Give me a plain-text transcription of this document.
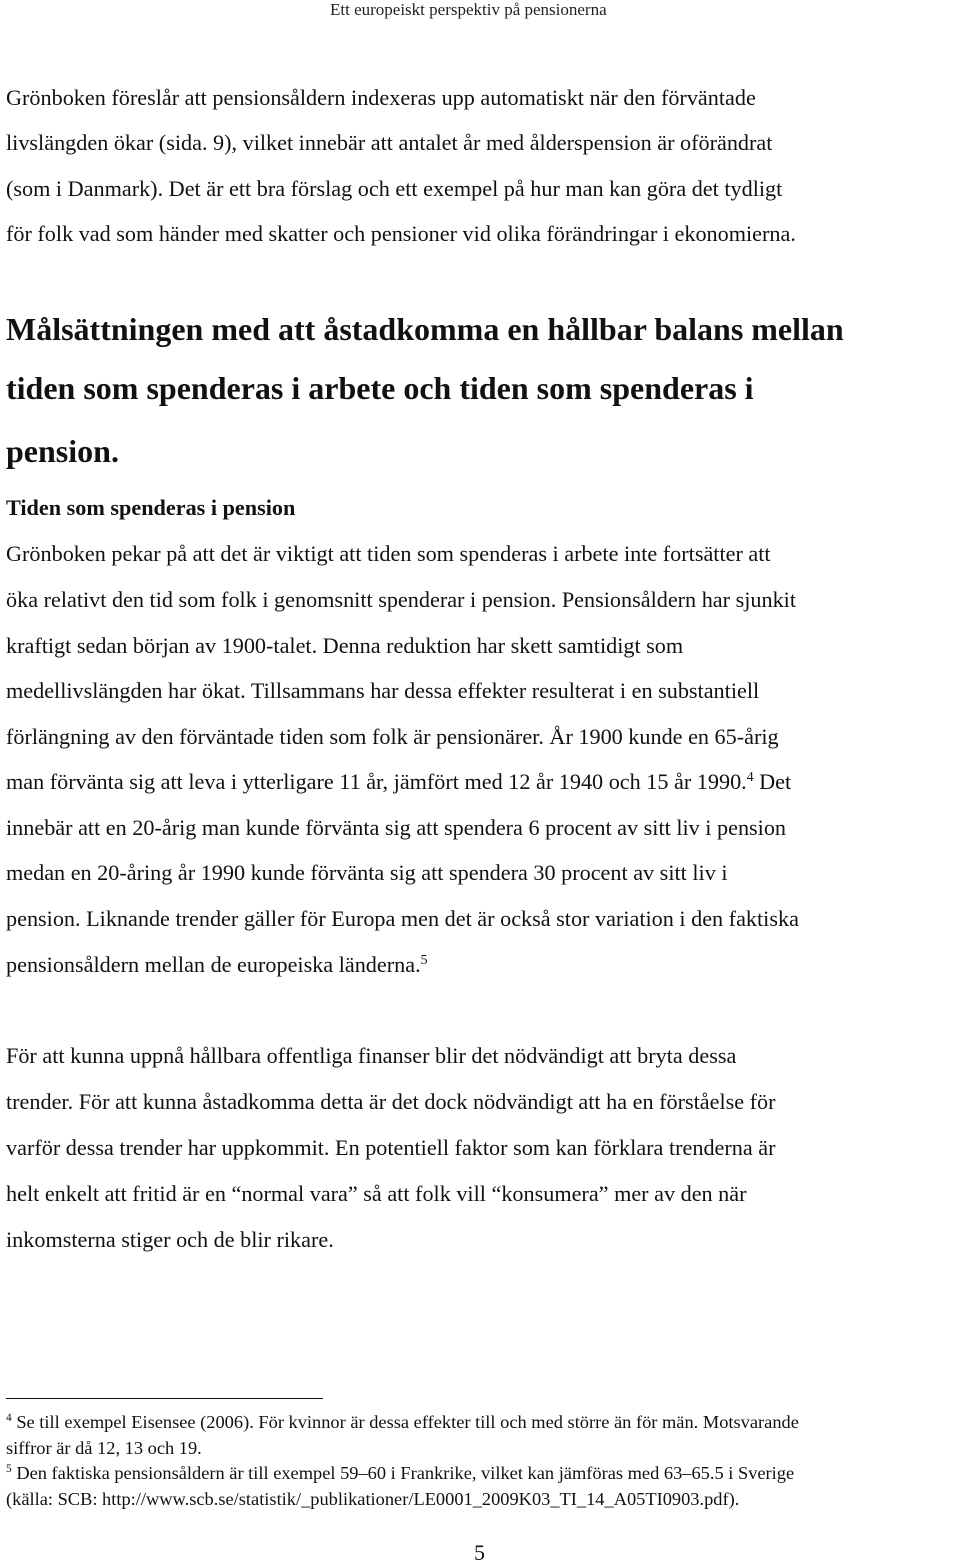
Ett europeiskt perspektiv på pensionerna
Grönboken föreslår att pensionsåldern indexeras upp automatiskt när den förväntade
livslängden ökar (sida. 9), vilket innebär att antalet år med ålderspension är oförändrat
(som i Danmark). Det är ett bra förslag och ett exempel på hur man kan göra det tydligt
för folk vad som händer med skatter och pensioner vid olika förändringar i ekonomierna.
Målsättningen med att åstadkomma en hållbar balans mellan
tiden som spenderas i arbete och tiden som spenderas i
pension.
Tiden som spenderas i pension
Grönboken pekar på att det är viktigt att tiden som spenderas i arbete inte fortsätter att
öka relativt den tid som folk i genomsnitt spenderar i pension. Pensionsåldern har sjunkit
kraftigt sedan början av 1900-talet. Denna reduktion har skett samtidigt som
medellivslängden har ökat. Tillsammans har dessa effekter resulterat i en substantiell
förlängning av den förväntade tiden som folk är pensionärer. År 1900 kunde en 65-årig
man förvänta sig att leva i ytterligare 11 år, jämfört med 12 år 1940 och 15 år 1990.$^4$ Det
innebär att en 20-årig man kunde förvänta sig att spendera 6 procent av sitt liv i pension
medan en 20-åring år 1990 kunde förvänta sig att spendera 30 procent av sitt liv i
pension. Liknande trender gäller för Europa men det är också stor variation i den faktiska
pensionsåldern mellan de europeiska länderna.$^5$
För att kunna uppnå hållbara offentliga finanser blir det nödvändigt att bryta dessa
trender. För att kunna åstadkomma detta är det dock nödvändigt att ha en förståelse för
varför dessa trender har uppkommit. En potentiell faktor som kan förklara trenderna är
helt enkelt att fritid är en “normal vara” så att folk vill “konsumera” mer av den när
inkomsterna stiger och de blir rikare.
$^4$ Se till exempel Eisensee (2006). För kvinnor är dessa effekter till och med större än för män. Motsvarande
siffror är då 12, 13 och 19.
$^5$ Den faktiska pensionsåldern är till exempel 59–60 i Frankrike, vilket kan jämföras med 63–65.5 i Sverige
(källa: SCB: http://www.scb.se/statistik/_publikationer/LE0001_2009K03_TI_14_A05TI0903.pdf).
5
